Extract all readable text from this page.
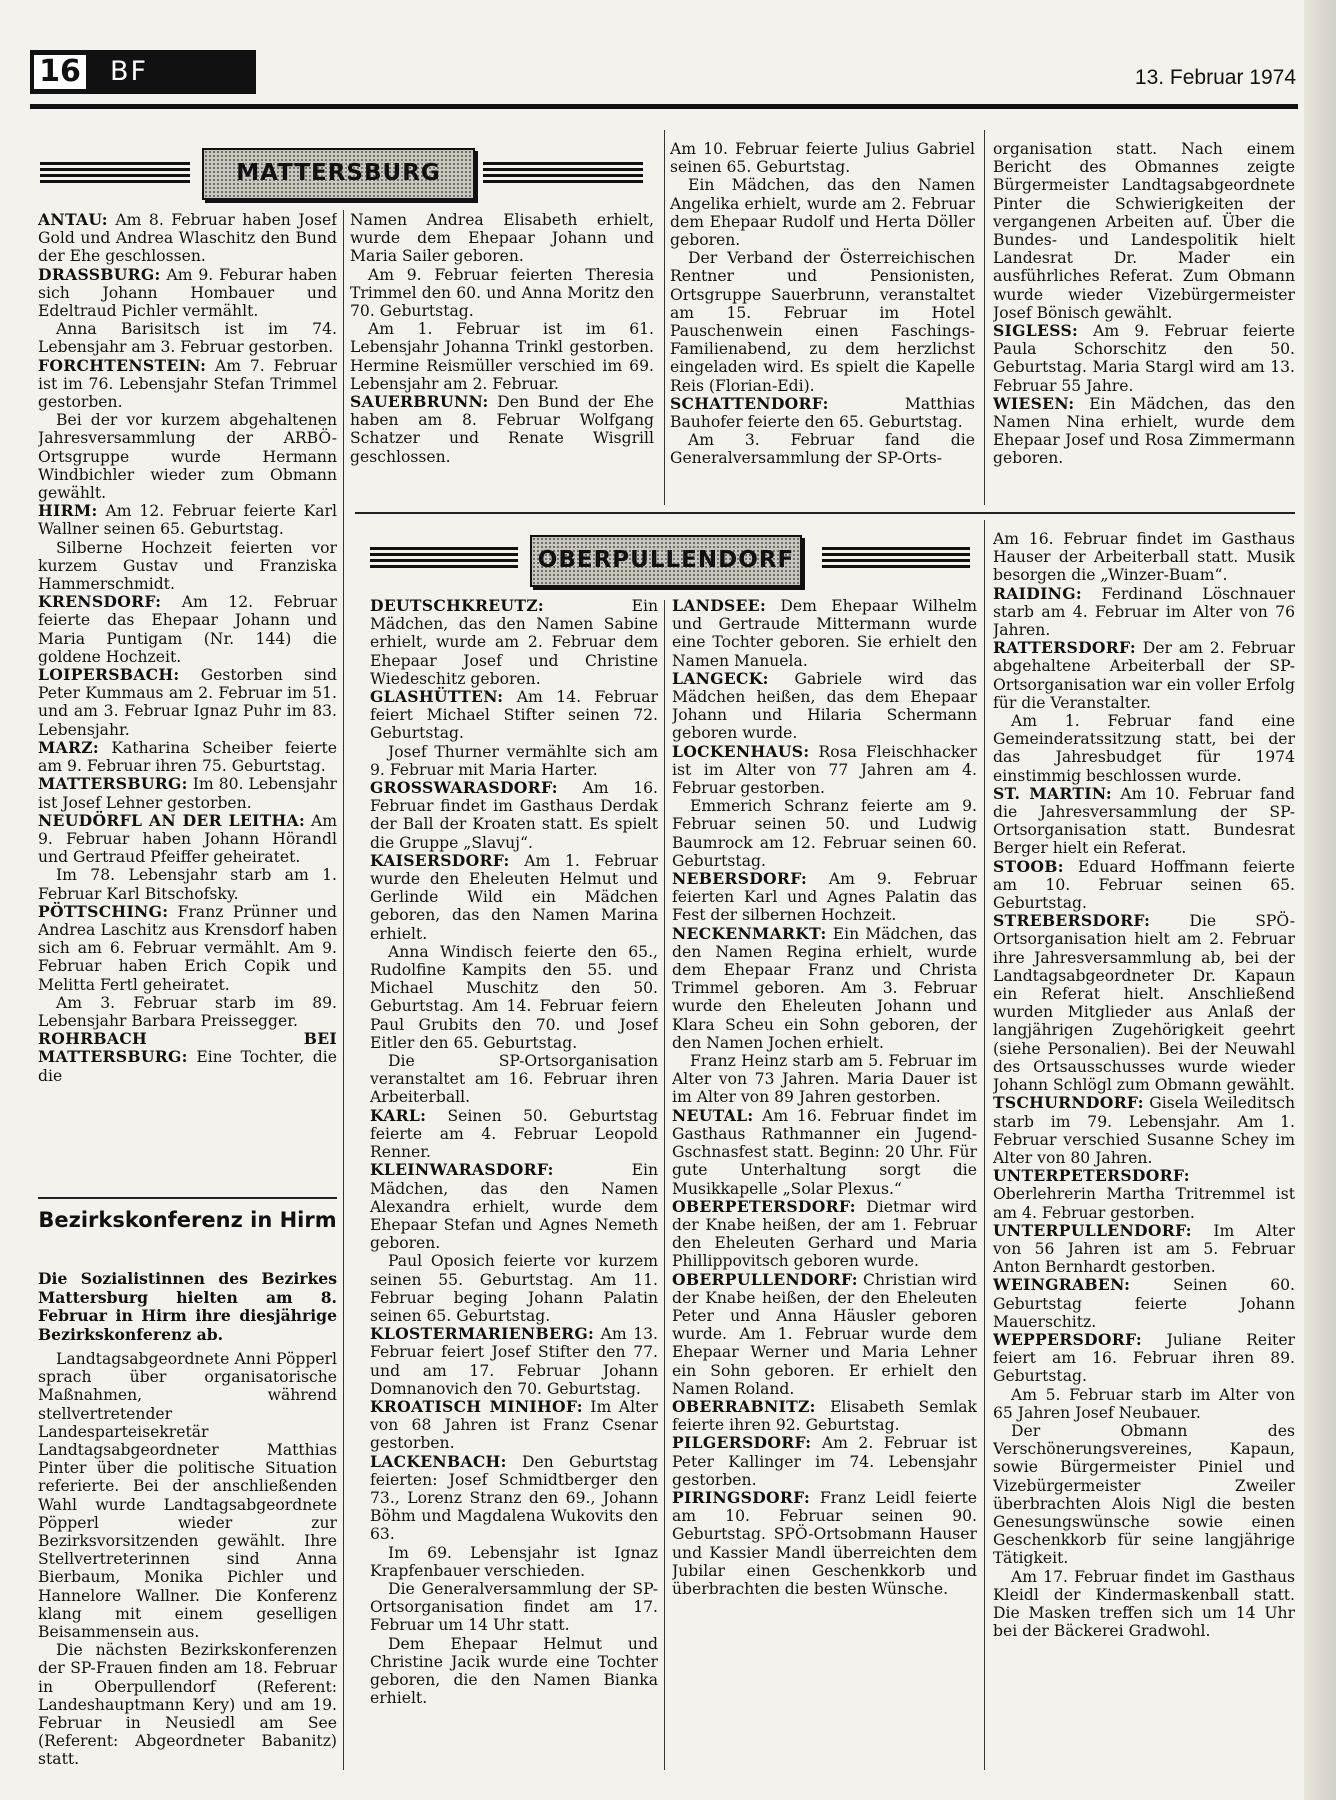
16 BF	13. Februar 1974
MATTERSBURG
OBERPULLENDORF

ANTAU: Am 8. Februar haben Josef Gold und Andrea Wlaschitz den Bund der Ehe geschlossen.

DRASSBURG: Am 9. Feburar haben sich Johann Hombauer und Edeltraud Pichler vermählt.

Anna Barisitsch ist im 74. Lebensjahr am 3. Februar gestorben.

FORCHTENSTEIN: Am 7. Februar ist im 76. Lebensjahr Stefan Trimmel gestorben.

Bei der vor kurzem abgehaltenen Jahresversammlung der ARBÖ-Ortsgruppe wurde Hermann Windbichler wieder zum Obmann gewählt.

HIRM: Am 12. Februar feierte Karl Wallner seinen 65. Geburtstag.

Silberne Hochzeit feierten vor kurzem Gustav und Franziska Hammerschmidt.

KRENSDORF: Am 12. Februar feierte das Ehepaar Johann und Maria Puntigam (Nr. 144) die goldene Hochzeit.

LOIPERSBACH: Gestorben sind Peter Kummaus am 2. Februar im 51. und am 3. Februar Ignaz Puhr im 83. Lebensjahr.

MARZ: Katharina Scheiber feierte am 9. Februar ihren 75. Geburtstag.

MATTERSBURG: Im 80. Lebensjahr ist Josef Lehner gestorben.

NEUDÖRFL AN DER LEITHA: Am 9. Februar haben Johann Hörandl und Gertraud Pfeiffer geheiratet.

Im 78. Lebensjahr starb am 1. Februar Karl Bitschofsky.

PÖTTSCHING: Franz Prünner und Andrea Laschitz aus Krensdorf haben sich am 6. Februar vermählt. Am 9. Februar haben Erich Copik und Melitta Fertl geheiratet.

Am 3. Februar starb im 89. Lebensjahr Barbara Preissegger.

ROHRBACH BEI MATTERSBURG: Eine Tochter, die die

Namen Andrea Elisabeth erhielt, wurde dem Ehepaar Johann und Maria Sailer geboren.

Am 9. Februar feierten Theresia Trimmel den 60. und Anna Moritz den 70. Geburtstag.

Am 1. Februar ist im 61. Lebensjahr Johanna Trinkl gestorben. Hermine Reismüller verschied im 69. Lebensjahr am 2. Februar.

SAUERBRUNN: Den Bund der Ehe haben am 8. Februar Wolfgang Schatzer und Renate Wisgrill geschlossen.

Am 10. Februar feierte Julius Gabriel seinen 65. Geburtstag.

Ein Mädchen, das den Namen Angelika erhielt, wurde am 2. Februar dem Ehepaar Rudolf und Herta Döller geboren.

Der Verband der Österreichischen Rentner und Pensionisten, Ortsgruppe Sauerbrunn, veranstaltet am 15. Februar im Hotel Pauschenwein einen Faschings-Familienabend, zu dem herzlichst eingeladen wird. Es spielt die Kapelle Reis (Florian-Edi).

SCHATTENDORF: Matthias Bauhofer feierte den 65. Geburtstag.

Am 3. Februar fand die Generalversammlung der SP-Orts-

organisation statt. Nach einem Bericht des Obmannes zeigte Bürgermeister Landtagsabgeordnete Pinter die Schwierigkeiten der vergangenen Arbeiten auf. Über die Bundes- und Landespolitik hielt Landesrat Dr. Mader ein ausführliches Referat. Zum Obmann wurde wieder Vizebürgermeister Josef Bönisch gewählt.

SIGLESS: Am 9. Februar feierte Paula Schorschitz den 50. Geburtstag. Maria Stargl wird am 13. Februar 55 Jahre.

WIESEN: Ein Mädchen, das den Namen Nina erhielt, wurde dem Ehepaar Josef und Rosa Zimmermann geboren.

DEUTSCHKREUTZ: Ein Mädchen, das den Namen Sabine erhielt, wurde am 2. Februar dem Ehepaar Josef und Christine Wiedeschitz geboren.

GLASHÜTTEN: Am 14. Februar feiert Michael Stifter seinen 72. Geburtstag.

Josef Thurner vermählte sich am 9. Februar mit Maria Harter.

GROSSWARASDORF: Am 16. Februar findet im Gasthaus Derdak der Ball der Kroaten statt. Es spielt die Gruppe „Slavuj“.

KAISERSDORF: Am 1. Februar wurde den Eheleuten Helmut und Gerlinde Wild ein Mädchen geboren, das den Namen Marina erhielt.

Anna Windisch feierte den 65., Rudolfine Kampits den 55. und Michael Muschitz den 50. Geburtstag. Am 14. Februar feiern Paul Grubits den 70. und Josef Eitler den 65. Geburtstag.

Die SP-Ortsorganisation veranstaltet am 16. Februar ihren Arbeiterball.

KARL: Seinen 50. Geburtstag feierte am 4. Februar Leopold Renner.

KLEINWARASDORF: Ein Mädchen, das den Namen Alexandra erhielt, wurde dem Ehepaar Stefan und Agnes Nemeth geboren.

Paul Oposich feierte vor kurzem seinen 55. Geburtstag. Am 11. Februar beging Johann Palatin seinen 65. Geburtstag.

KLOSTERMARIENBERG: Am 13. Februar feiert Josef Stifter den 77. und am 17. Februar Johann Domnanovich den 70. Geburtstag.

KROATISCH MINIHOF: Im Alter von 68 Jahren ist Franz Csenar gestorben.

LACKENBACH: Den Geburtstag feierten: Josef Schmidtberger den 73., Lorenz Stranz den 69., Johann Böhm und Magdalena Wukovits den 63.

Im 69. Lebensjahr ist Ignaz Krapfenbauer verschieden.

Die Generalversammlung der SP-Ortsorganisation findet am 17. Februar um 14 Uhr statt.

Dem Ehepaar Helmut und Christine Jacik wurde eine Tochter geboren, die den Namen Bianka erhielt.

LANDSEE: Dem Ehepaar Wilhelm und Gertraude Mittermann wurde eine Tochter geboren. Sie erhielt den Namen Manuela.

LANGECK: Gabriele wird das Mädchen heißen, das dem Ehepaar Johann und Hilaria Schermann geboren wurde.

LOCKENHAUS: Rosa Fleischhacker ist im Alter von 77 Jahren am 4. Februar gestorben.

Emmerich Schranz feierte am 9. Februar seinen 50. und Ludwig Baumrock am 12. Februar seinen 60. Geburtstag.

NEBERSDORF: Am 9. Februar feierten Karl und Agnes Palatin das Fest der silbernen Hochzeit.

NECKENMARKT: Ein Mädchen, das den Namen Regina erhielt, wurde dem Ehepaar Franz und Christa Trimmel geboren. Am 3. Februar wurde den Eheleuten Johann und Klara Scheu ein Sohn geboren, der den Namen Jochen erhielt.

Franz Heinz starb am 5. Februar im Alter von 73 Jahren. Maria Dauer ist im Alter von 89 Jahren gestorben.

NEUTAL: Am 16. Februar findet im Gasthaus Rathmanner ein Jugend-Gschnasfest statt. Beginn: 20 Uhr. Für gute Unterhaltung sorgt die Musikkapelle „Solar Plexus.“

OBERPETERSDORF: Dietmar wird der Knabe heißen, der am 1. Februar den Eheleuten Gerhard und Maria Phillippovitsch geboren wurde.

OBERPULLENDORF: Christian wird der Knabe heißen, der den Eheleuten Peter und Anna Häusler geboren wurde. Am 1. Februar wurde dem Ehepaar Werner und Maria Lehner ein Sohn geboren. Er erhielt den Namen Roland.

OBERRABNITZ: Elisabeth Semlak feierte ihren 92. Geburtstag.

PILGERSDORF: Am 2. Februar ist Peter Kallinger im 74. Lebensjahr gestorben.

PIRINGSDORF: Franz Leidl feierte am 10. Februar seinen 90. Geburtstag. SPÖ-Ortsobmann Hauser und Kassier Mandl überreichten dem Jubilar einen Geschenkkorb und überbrachten die besten Wünsche.

Am 16. Februar findet im Gasthaus Hauser der Arbeiterball statt. Musik besorgen die „Winzer-Buam“.

RAIDING: Ferdinand Löschnauer starb am 4. Februar im Alter von 76 Jahren.

RATTERSDORF: Der am 2. Februar abgehaltene Arbeiterball der SP-Ortsorganisation war ein voller Erfolg für die Veranstalter.

Am 1. Februar fand eine Gemeinderatssitzung statt, bei der das Jahresbudget für 1974 einstimmig beschlossen wurde.

ST. MARTIN: Am 10. Februar fand die Jahresversammlung der SP-Ortsorganisation statt. Bundesrat Berger hielt ein Referat.

STOOB: Eduard Hoffmann feierte am 10. Februar seinen 65. Geburtstag.

STREBERSDORF: Die SPÖ-Ortsorganisation hielt am 2. Februar ihre Jahresversammlung ab, bei der Landtagsabgeordneter Dr. Kapaun ein Referat hielt. Anschließend wurden Mitglieder aus Anlaß der langjährigen Zugehörigkeit geehrt (siehe Personalien). Bei der Neuwahl des Ortsausschusses wurde wieder Johann Schlögl zum Obmann gewählt.

TSCHURNDORF: Gisela Weileditsch starb im 79. Lebensjahr. Am 1. Februar verschied Susanne Schey im Alter von 80 Jahren.

UNTERPETERSDORF: Oberlehrerin Martha Tritremmel ist am 4. Februar gestorben.

UNTERPULLENDORF: Im Alter von 56 Jahren ist am 5. Februar Anton Bernhardt gestorben.

WEINGRABEN: Seinen 60. Geburtstag feierte Johann Mauerschitz.

WEPPERSDORF: Juliane Reiter feiert am 16. Februar ihren 89. Geburtstag.

Am 5. Februar starb im Alter von 65 Jahren Josef Neubauer.

Der Obmann des Verschönerungsvereines, Kapaun, sowie Bürgermeister Piniel und Vizebürgermeister Zweiler überbrachten Alois Nigl die besten Genesungswünsche sowie einen Geschenkkorb für seine langjährige Tätigkeit.

Am 17. Februar findet im Gasthaus Kleidl der Kindermaskenball statt. Die Masken treffen sich um 14 Uhr bei der Bäckerei Gradwohl.

Bezirkskonferenz in Hirm
Die Sozialistinnen des Bezirkes Mattersburg hielten am 8. Februar in Hirm ihre diesjährige Bezirkskonferenz ab.

Landtagsabgeordnete Anni Pöpperl sprach über organisatorische Maßnahmen, während stellvertretender Landesparteisekretär Landtagsabgeordneter Matthias Pinter über die politische Situation referierte. Bei der anschließenden Wahl wurde Landtagsabgeordnete Pöpperl wieder zur Bezirksvorsitzenden gewählt. Ihre Stellvertreterinnen sind Anna Bierbaum, Monika Pichler und Hannelore Wallner. Die Konferenz klang mit einem geselligen Beisammensein aus.

Die nächsten Bezirkskonferenzen der SP-Frauen finden am 18. Februar in Oberpullendorf (Referent: Landeshauptmann Kery) und am 19. Februar in Neusiedl am See (Referent: Abgeordneter Babanitz) statt.
